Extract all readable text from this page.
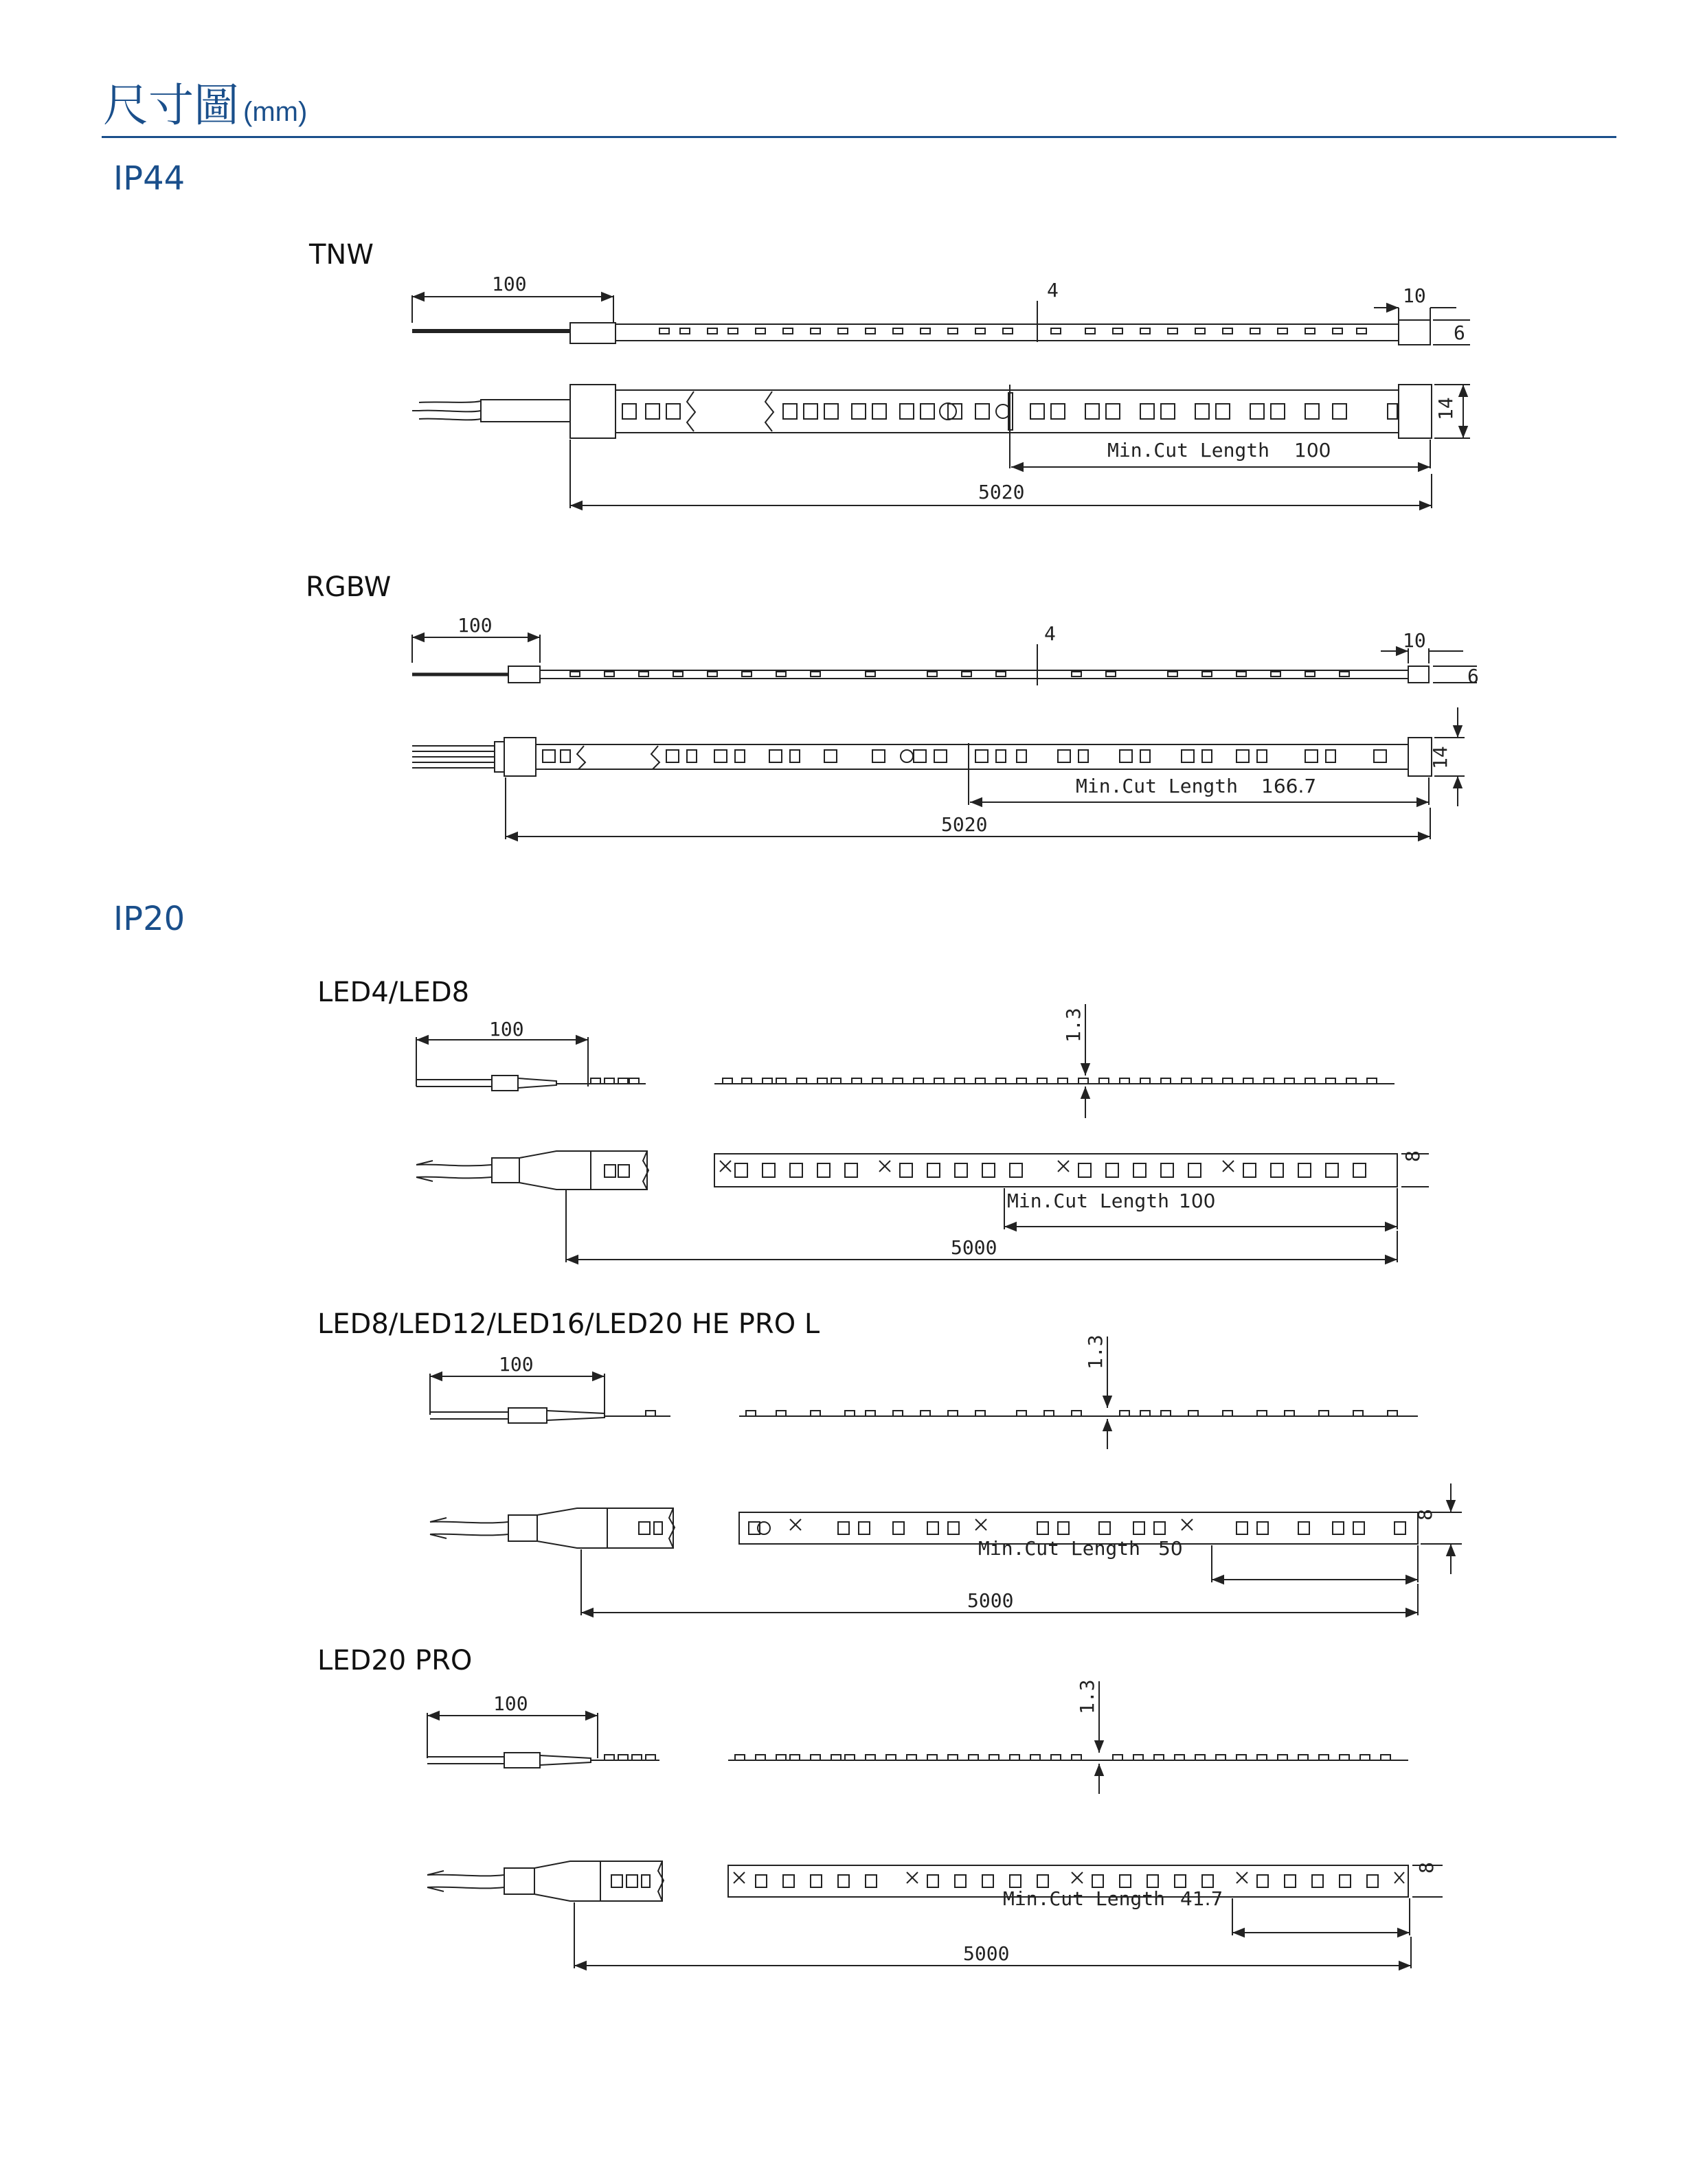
尺寸圖 (mm)
IP44
IP20
TNW
RGBW
LED4/LED8
LED8/LED12/LED16/LED20 HE PRO L
LED20 PRO
100	4	10
6
14
Min.Cut Length 100
5020
100	4	10
6
14
Min.Cut Length 166.7
5020
100	1.3
8
Min.Cut Length 100
5000
100	1.3
8
Min.Cut Length 50
5000
100	1.3
8
Min.Cut Length 41.7
5000
